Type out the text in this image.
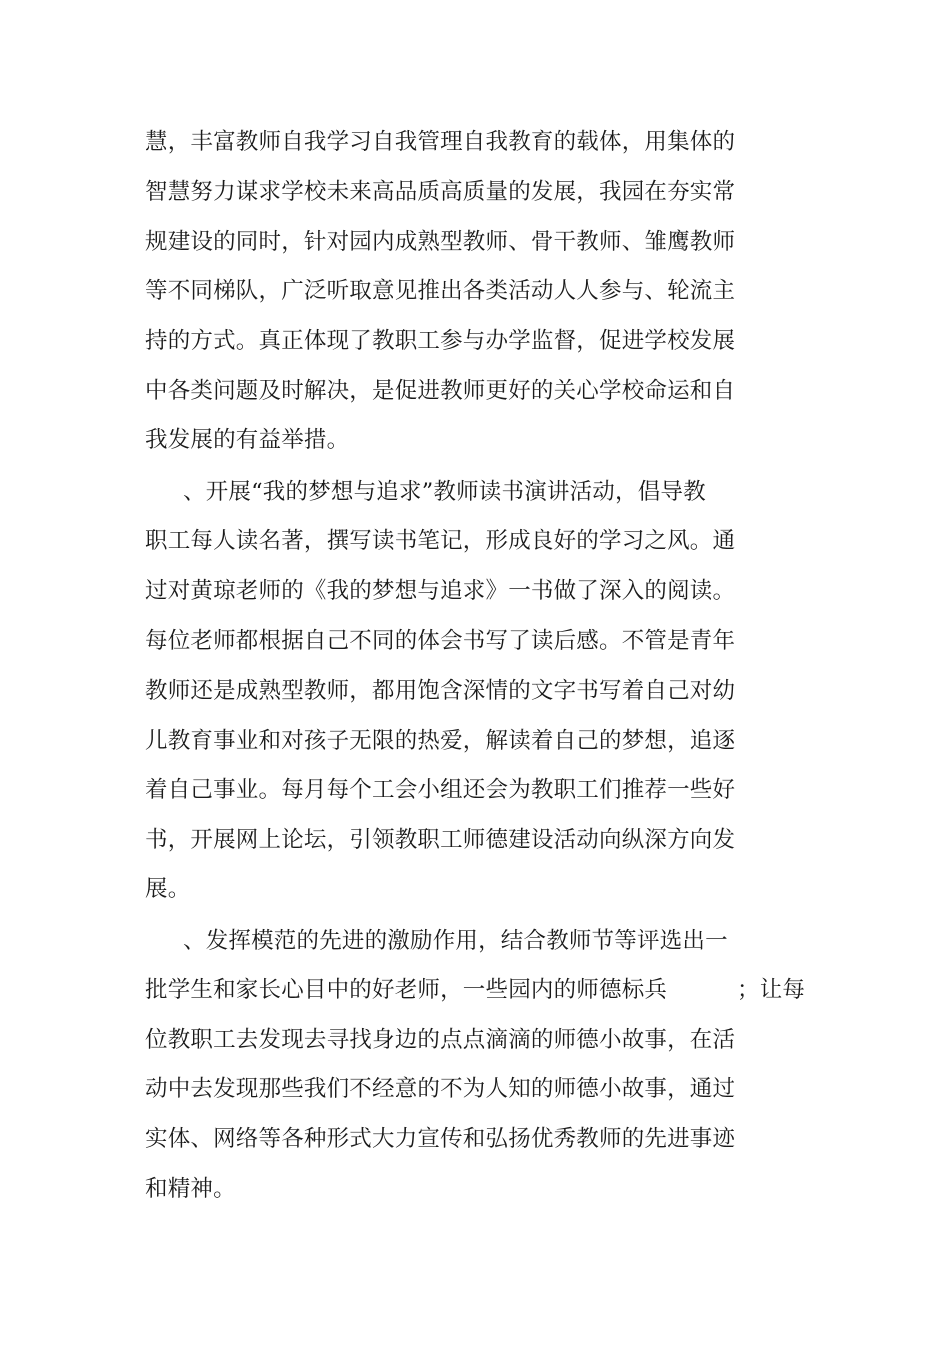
慧，丰富教师自我学习自我管理自我教育的载体，用集体的
智慧努力谋求学校未来高品质高质量的发展，我园在夯实常
规建设的同时，针对园内成熟型教师、骨干教师、雏鹰教师
等不同梯队，广泛听取意见推出各类活动人人参与、轮流主
持的方式。真正体现了教职工参与办学监督，促进学校发展
中各类问题及时解决，是促进教师更好的关心学校命运和自
我发展的有益举措。
、开展“我的梦想与追求”教师读书演讲活动，倡导教
职工每人读名著，撰写读书笔记，形成良好的学习之风。通
过对黄琼老师的《我的梦想与追求》一书做了深入的阅读。
每位老师都根据自己不同的体会书写了读后感。不管是青年
教师还是成熟型教师，都用饱含深情的文字书写着自己对幼
儿教育事业和对孩子无限的热爱，解读着自己的梦想，追逐
着自己事业。每月每个工会小组还会为教职工们推荐一些好
书，开展网上论坛，引领教职工师德建设活动向纵深方向发
展。
、发挥模范的先进的激励作用，结合教师节等评选出一
批学生和家长心目中的好老师，一些园内的师德标兵	；让每
位教职工去发现去寻找身边的点点滴滴的师德小故事，在活
动中去发现那些我们不经意的不为人知的师德小故事，通过
实体、网络等各种形式大力宣传和弘扬优秀教师的先进事迹
和精神。
